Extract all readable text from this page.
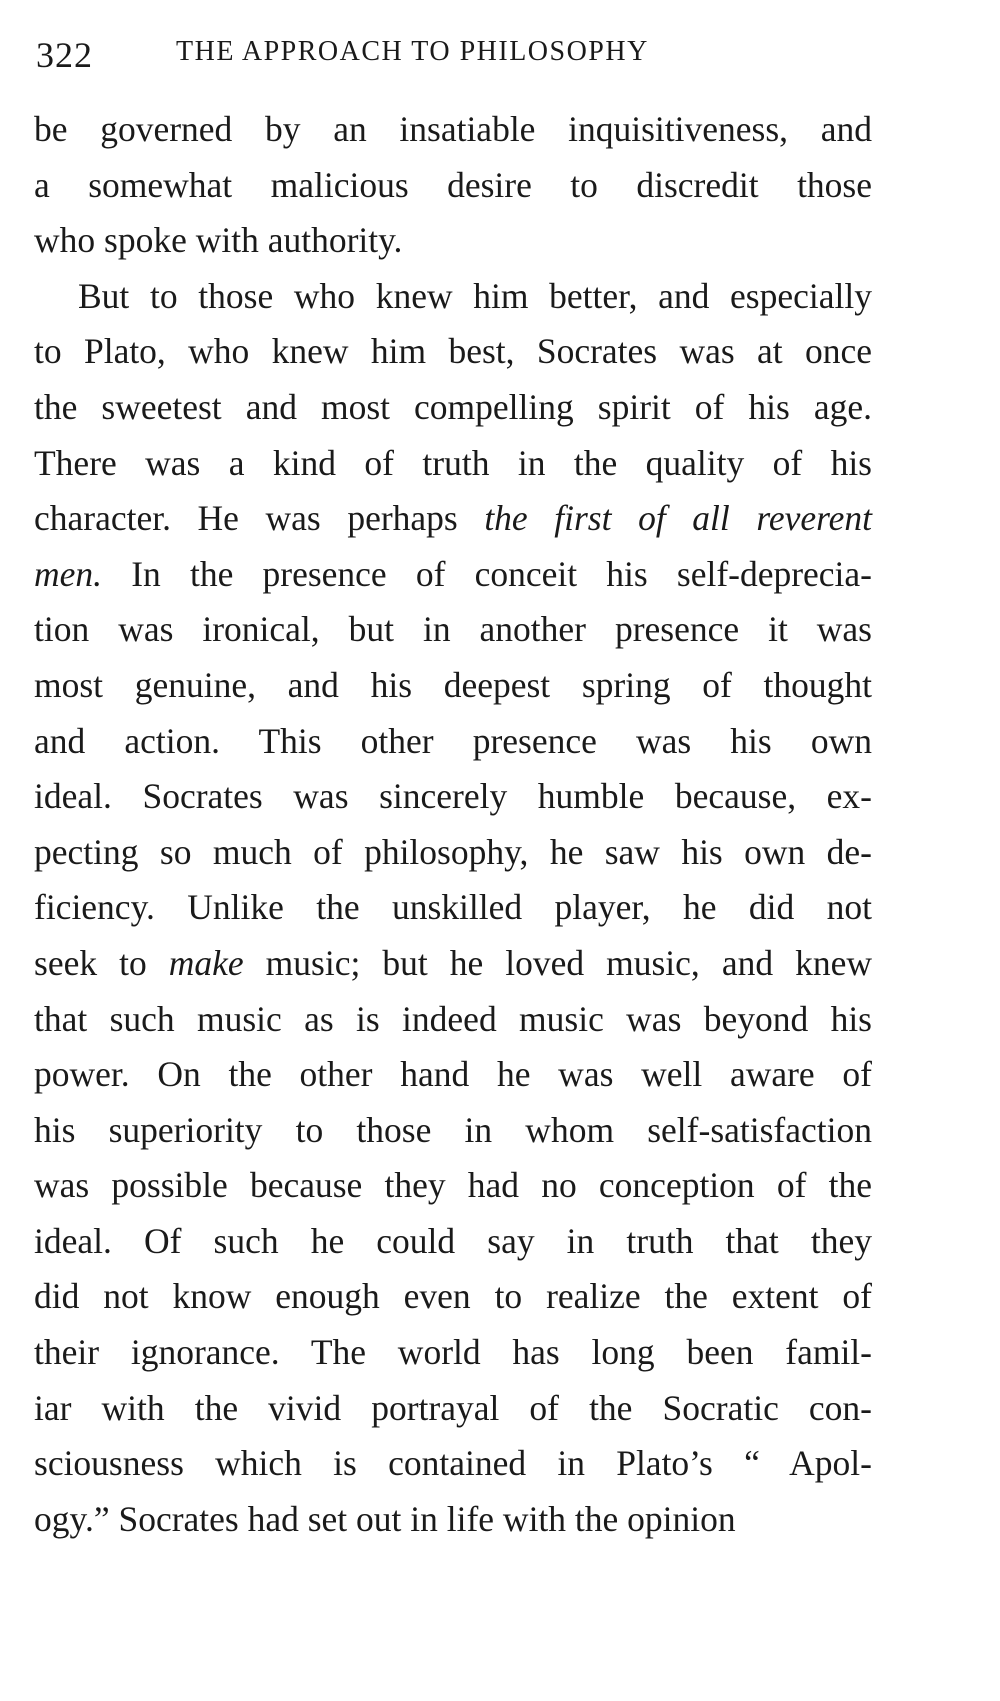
322	THE APPROACH TO PHILOSOPHY
be governed by an insatiable inquisitiveness, and
a somewhat malicious desire to discredit those
who spoke with authority.
But to those who knew him better, and especially
to Plato, who knew him best, Socrates was at once
the sweetest and most compelling spirit of his age.
There was a kind of truth in the quality of his
character. He was perhaps the first of all reverent
men. In the presence of conceit his self-deprecia-
tion was ironical, but in another presence it was
most genuine, and his deepest spring of thought
and action. This other presence was his own
ideal. Socrates was sincerely humble because, ex-
pecting so much of philosophy, he saw his own de-
ficiency. Unlike the unskilled player, he did not
seek to make music; but he loved music, and knew
that such music as is indeed music was beyond his
power. On the other hand he was well aware of
his superiority to those in whom self-satisfaction
was possible because they had no conception of the
ideal. Of such he could say in truth that they
did not know enough even to realize the extent of
their ignorance. The world has long been famil-
iar with the vivid portrayal of the Socratic con-
sciousness which is contained in Plato’s “ Apol-
ogy.” Socrates had set out in life with the opinion
